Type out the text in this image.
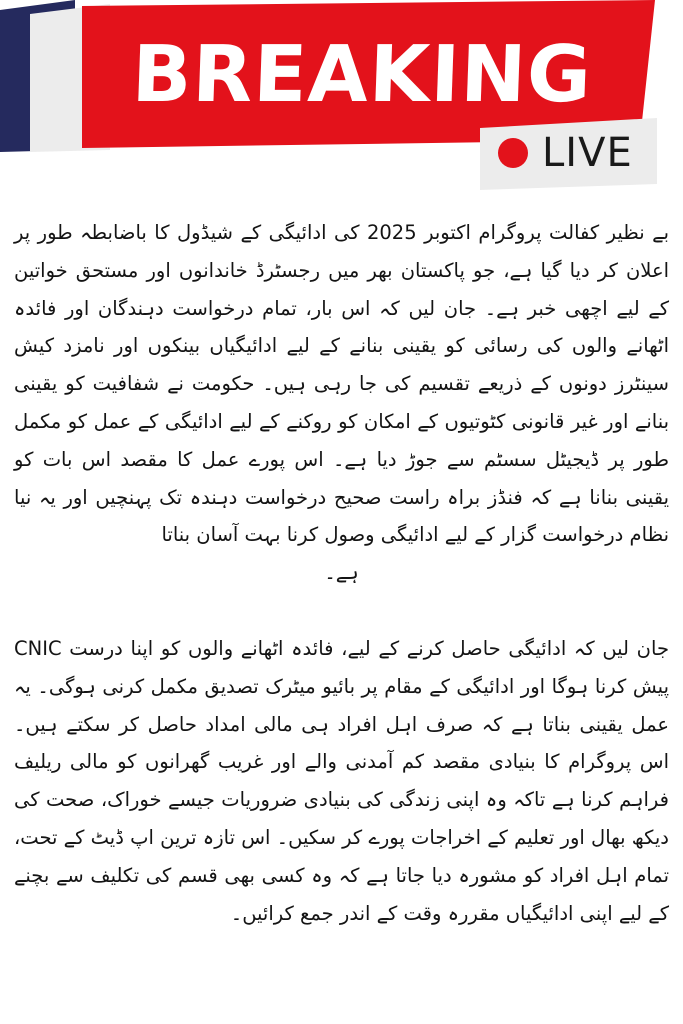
BREAKING
LIVE

بے نظیر کفالت پروگرام اکتوبر 2025 کی ادائیگی کے شیڈول کا باضابطہ طور پر اعلان کر دیا گیا ہے، جو پاکستان بھر میں رجسٹرڈ خاندانوں اور مستحق خواتین کے لیے اچھی خبر ہے۔ جان لیں کہ اس بار، تمام درخواست دہندگان اور فائدہ اٹھانے والوں کی رسائی کو یقینی بنانے کے لیے ادائیگیاں بینکوں اور نامزد کیش سینٹرز دونوں کے ذریعے تقسیم کی جا رہی ہیں۔ حکومت نے شفافیت کو یقینی بنانے اور غیر قانونی کٹوتیوں کے امکان کو روکنے کے لیے ادائیگی کے عمل کو مکمل طور پر ڈیجیٹل سسٹم سے جوڑ دیا ہے۔ اس پورے عمل کا مقصد اس بات کو یقینی بنانا ہے کہ فنڈز براہ راست صحیح درخواست دہندہ تک پہنچیں اور یہ نیا نظام درخواست گزار کے لیے ادائیگی وصول کرنا بہت آسان بناتا
ہے۔

جان لیں کہ ادائیگی حاصل کرنے کے لیے، فائدہ اٹھانے والوں کو اپنا درست CNIC پیش کرنا ہوگا اور ادائیگی کے مقام پر بائیو میٹرک تصدیق مکمل کرنی ہوگی۔ یہ عمل یقینی بناتا ہے کہ صرف اہل افراد ہی مالی امداد حاصل کر سکتے ہیں۔ اس پروگرام کا بنیادی مقصد کم آمدنی والے اور غریب گھرانوں کو مالی ریلیف فراہم کرنا ہے تاکہ وہ اپنی زندگی کی بنیادی ضروریات جیسے خوراک، صحت کی دیکھ بھال اور تعلیم کے اخراجات پورے کر سکیں۔ اس تازہ ترین اپ ڈیٹ کے تحت، تمام اہل افراد کو مشورہ دیا جاتا ہے کہ وہ کسی بھی قسم کی تکلیف سے بچنے کے لیے اپنی ادائیگیاں مقررہ وقت کے اندر جمع کرائیں۔
